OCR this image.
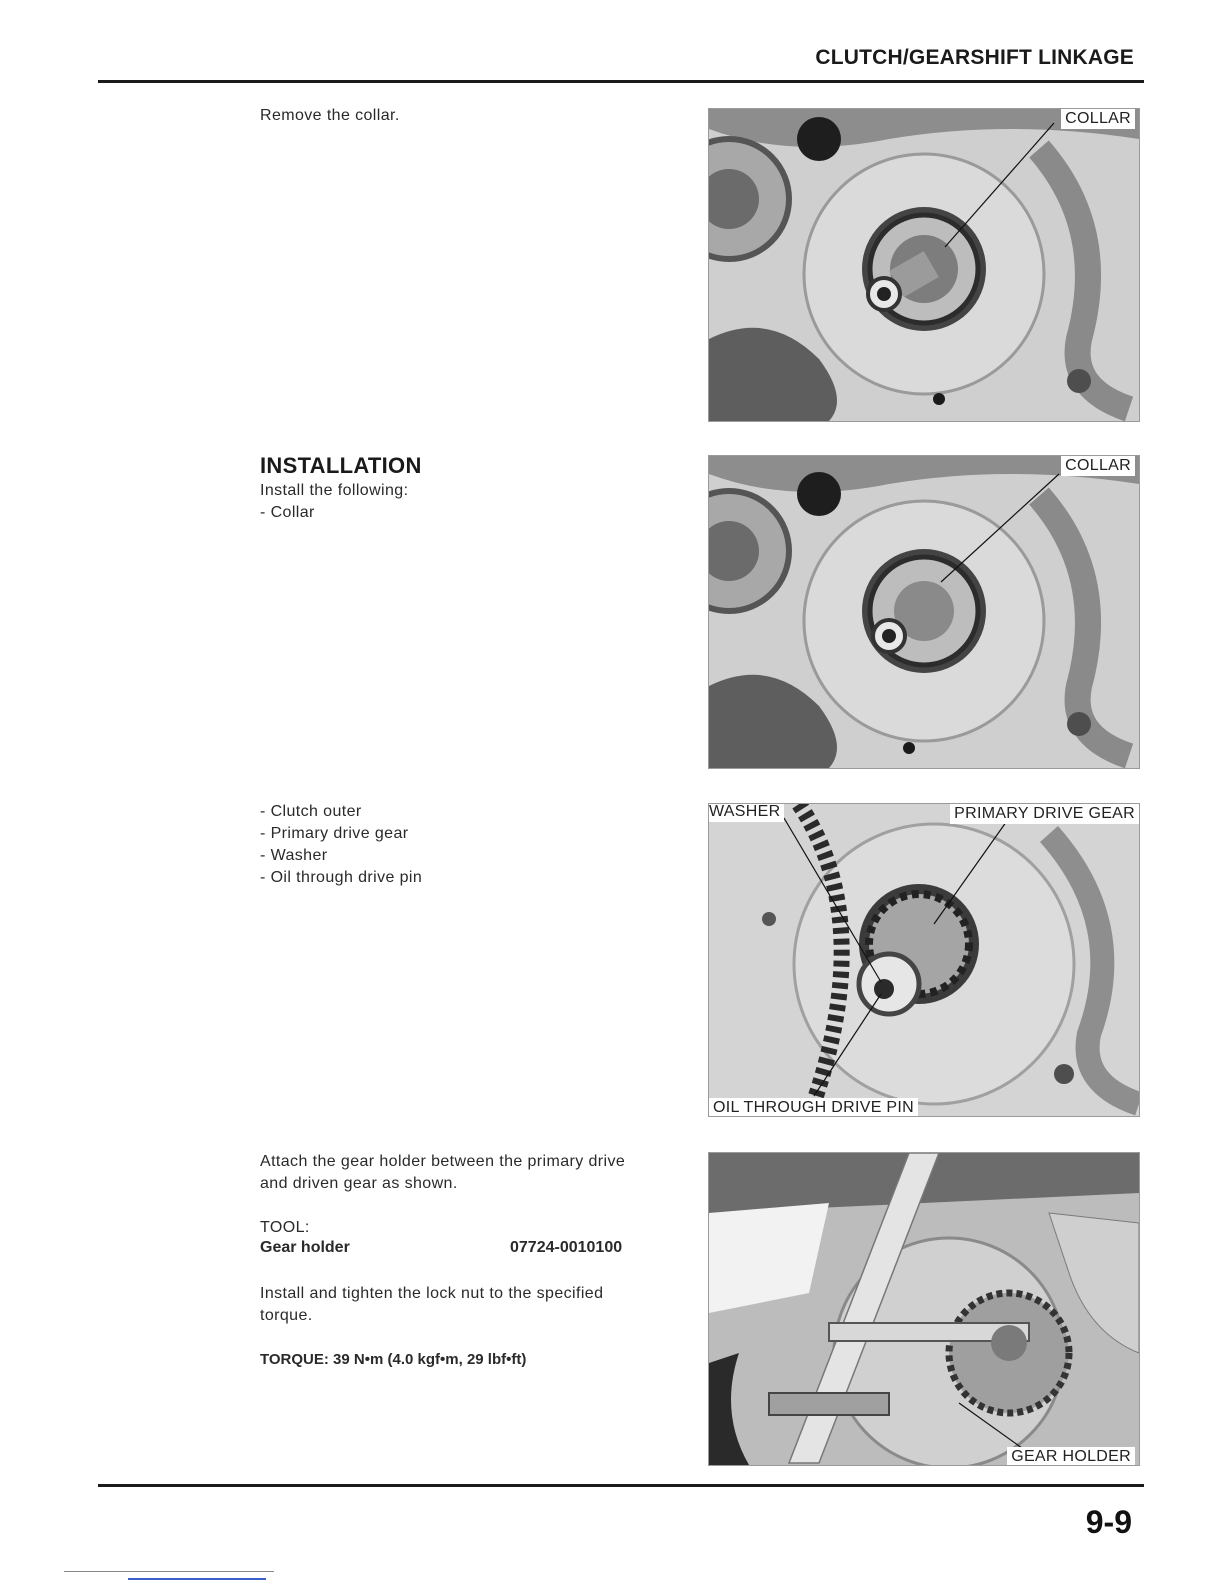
CLUTCH/GEARSHIFT LINKAGE
Remove the collar.	COLLAR
INSTALLATION
Install the following:
- Collar
COLLAR
- Clutch outer
- Primary drive gear
- Washer
- Oil through drive pin
WASHER	PRIMARY DRIVE GEAR
OIL THROUGH DRIVE PIN
Attach the gear holder between the primary drive
and driven gear as shown.
TOOL:
Gear holder	07724-0010100
Install and tighten the lock nut to the specified
torque.
TORQUE: 39 N•m (4.0 kgf•m, 29 lbf•ft)
GEAR HOLDER
9-9
